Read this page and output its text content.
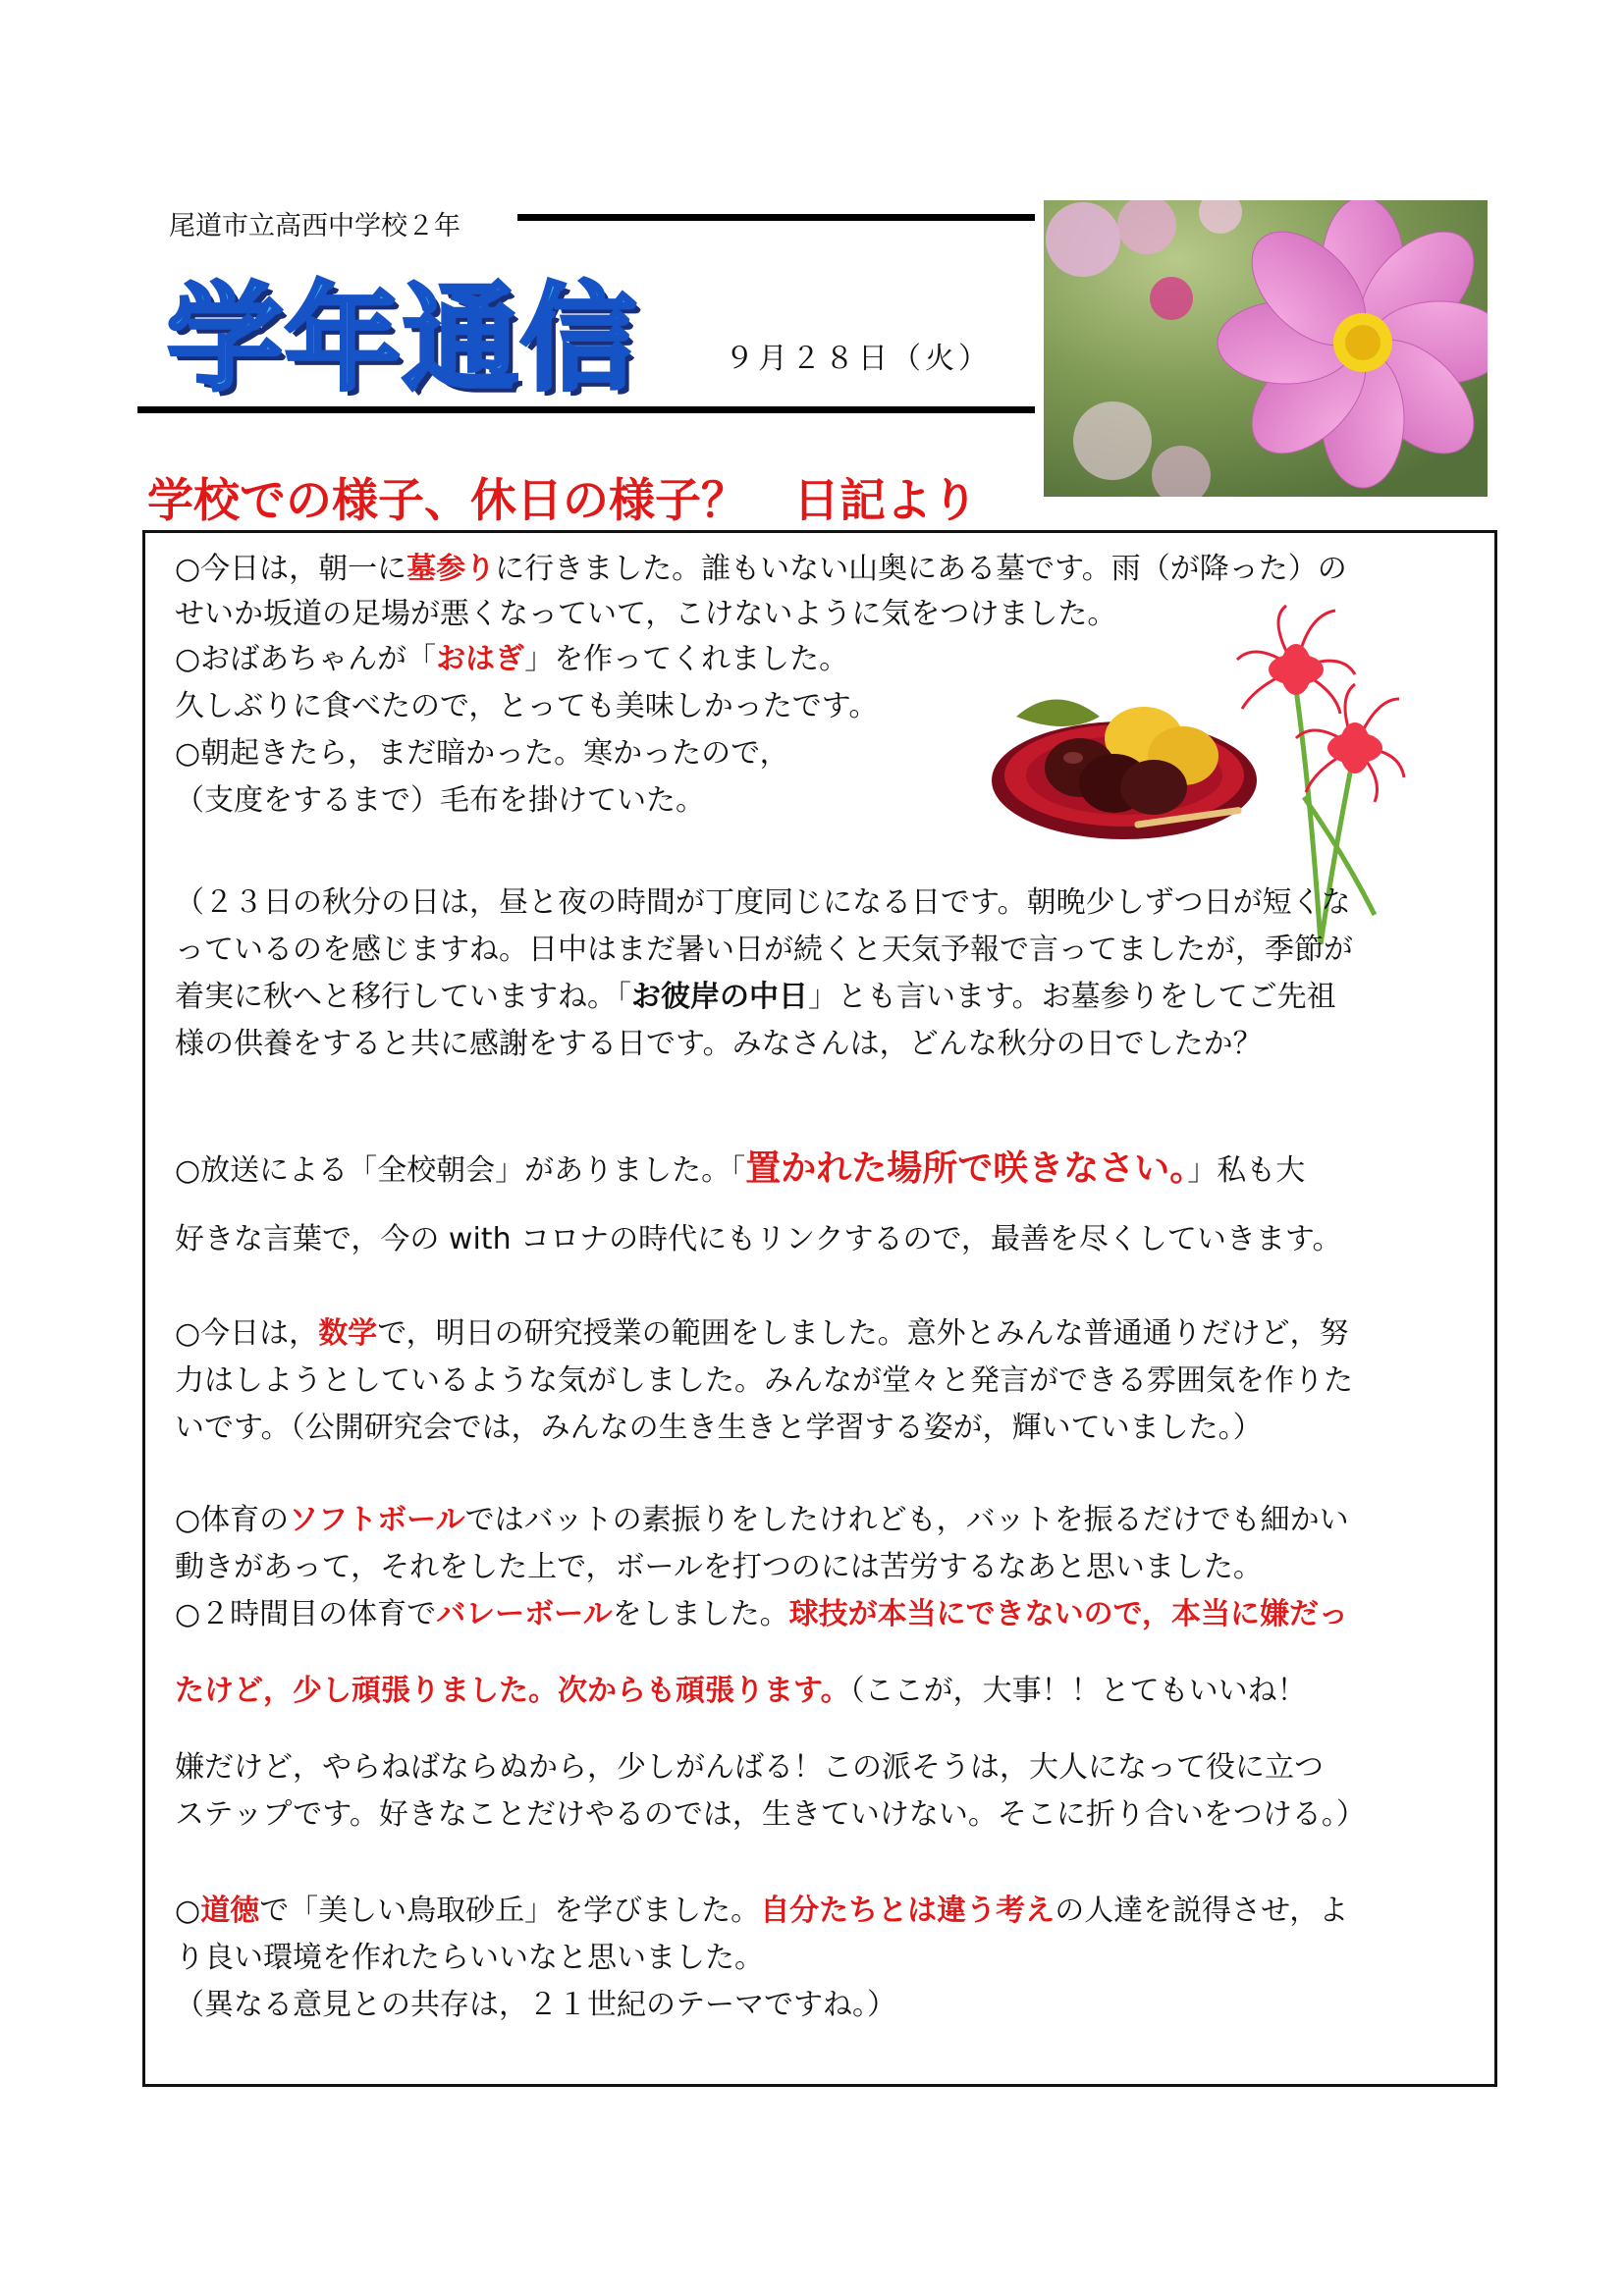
尾道市立高西中学校２年
学年通信	９月２８日（火）
学校での様子、休日の様子？　日記より
○今日は，朝一に墓参りに行きました。誰もいない山奥にある墓です。雨（が降った）の
せいか坂道の足場が悪くなっていて，こけないように気をつけました。
○おばあちゃんが「おはぎ」を作ってくれました。
久しぶりに食べたので，とっても美味しかったです。
○朝起きたら，まだ暗かった。寒かったので，
（支度をするまで）毛布を掛けていた。
（２３日の秋分の日は，昼と夜の時間が丁度同じになる日です。朝晩少しずつ日が短くな
っているのを感じますね。日中はまだ暑い日が続くと天気予報で言ってましたが，季節が
着実に秋へと移行していますね。「お彼岸の中日」とも言います。お墓参りをしてご先祖
様の供養をすると共に感謝をする日です。みなさんは，どんな秋分の日でしたか？
○放送による「全校朝会」がありました。「置かれた場所で咲きなさい。」私も大
好きな言葉で，今の with コロナの時代にもリンクするので，最善を尽くしていきます。
○今日は，数学で，明日の研究授業の範囲をしました。意外とみんな普通通りだけど，努
力はしようとしているような気がしました。みんなが堂々と発言ができる雰囲気を作りた
いです。（公開研究会では，みんなの生き生きと学習する姿が，輝いていました。）
○体育のソフトボールではバットの素振りをしたけれども，バットを振るだけでも細かい
動きがあって，それをした上で，ボールを打つのには苦労するなあと思いました。
○２時間目の体育でバレーボールをしました。球技が本当にできないので，本当に嫌だっ
たけど，少し頑張りました。次からも頑張ります。（ここが，大事！！とてもいいね！
嫌だけど，やらねばならぬから，少しがんばる！この派そうは，大人になって役に立つ
ステップです。好きなことだけやるのでは，生きていけない。そこに折り合いをつける。）
○道徳で「美しい鳥取砂丘」を学びました。自分たちとは違う考えの人達を説得させ，よ
り良い環境を作れたらいいなと思いました。
（異なる意見との共存は，２１世紀のテーマですね。）
